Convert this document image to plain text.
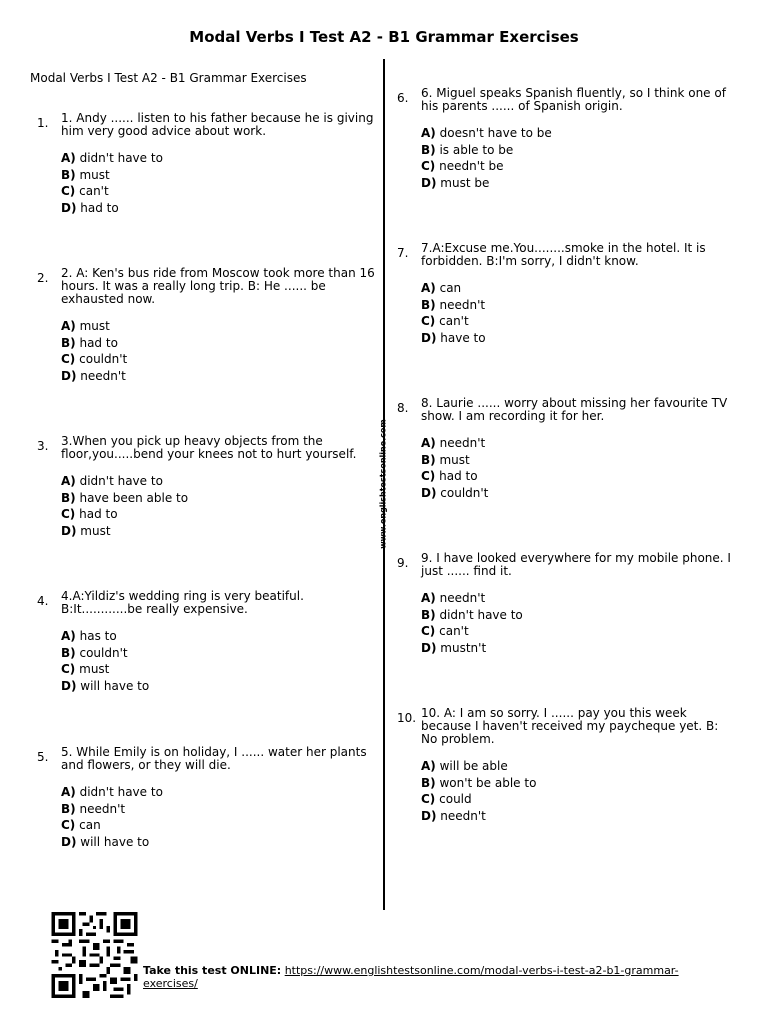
Modal Verbs I Test A2 - B1 Grammar Exercises
Modal Verbs I Test A2 - B1 Grammar Exercises
www.englishtestsonline.com
1. 1. Andy ...... listen to his father because he is giving him very good advice about work.
A) didn't have to
B) must
C) can't
D) had to
2. 2. A: Ken's bus ride from Moscow took more than 16 hours. It was a really long trip. B: He ...... be exhausted now.
A) must
B) had to
C) couldn't
D) needn't
3. 3.When you pick up heavy objects from the floor,you.....bend your knees not to hurt yourself.
A) didn't have to
B) have been able to
C) had to
D) must
4. 4.A:Yildiz's wedding ring is very beatiful. B:It............be really expensive.
A) has to
B) couldn't
C) must
D) will have to
5. 5. While Emily is on holiday, I ...... water her plants and flowers, or they will die.
A) didn't have to
B) needn't
C) can
D) will have to
6. 6. Miguel speaks Spanish fluently, so I think one of his parents ...... of Spanish origin.
A) doesn't have to be
B) is able to be
C) needn't be
D) must be
7. 7.A:Excuse me.You........smoke in the hotel. It is forbidden. B:I'm sorry, I didn't know.
A) can
B) needn't
C) can't
D) have to
8. 8. Laurie ...... worry about missing her favourite TV show. I am recording it for her.
A) needn't
B) must
C) had to
D) couldn't
9. 9. I have looked everywhere for my mobile phone. I just ...... find it.
A) needn't
B) didn't have to
C) can't
D) mustn't
10. 10. A: I am so sorry. I ...... pay you this week because I haven't received my paycheque yet. B: No problem.
A) will be able
B) won't be able to
C) could
D) needn't
Take this test ONLINE: https://www.englishtestsonline.com/modal-verbs-i-test-a2-b1-grammar-exercises/
